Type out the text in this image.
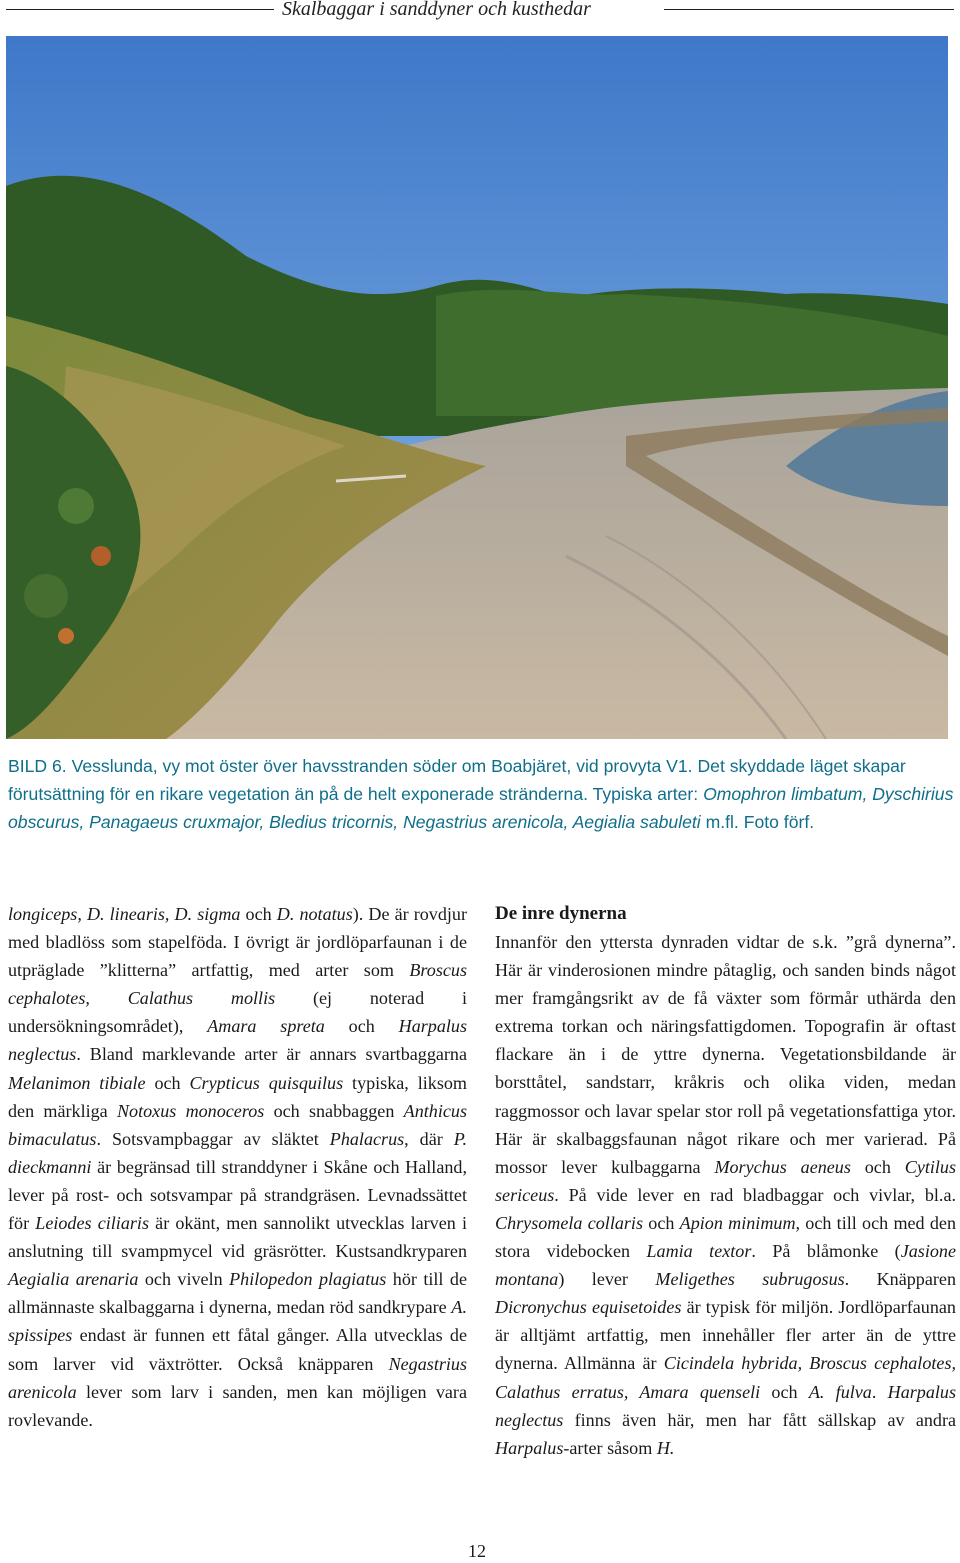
Skalbaggar i sanddyner och kusthedar
BILD 6. Vesslunda, vy mot öster över havsstranden söder om Boabjäret, vid provyta V1. Det skyddade läget skapar förutsättning för en rikare vegetation än på de helt exponerade stränderna. Typiska arter: Omophron limbatum, Dyschirius obscurus, Panagaeus cruxmajor, Bledius tricornis, Negastrius arenicola, Aegialia sabuleti m.fl. Foto förf.

longiceps, D. linearis, D. sigma och D. notatus). De är rovdjur med bladlöss som stapelföda. I övrigt är jordlöparfaunan i de utpräglade ”klitterna” artfattig, med arter som Broscus cephalotes, Calathus mollis (ej noterad i undersökningsområdet), Amara spreta och Harpalus neglectus. Bland marklevande arter är annars svartbaggarna Melanimon tibiale och Crypticus quisquilus typiska, liksom den märkliga Notoxus monoceros och snabbaggen Anthicus bimaculatus. Sotsvampbaggar av släktet Phalacrus, där P. dieckmanni är begränsad till stranddyner i Skåne och Halland, lever på rost- och sotsvampar på strandgräsen. Levnadssättet för Leiodes ciliaris är okänt, men sannolikt utvecklas larven i anslutning till svampmycel vid gräsrötter. Kustsandkryparen Aegialia arenaria och viveln Philopedon plagiatus hör till de allmännaste skalbaggarna i dynerna, medan röd sandkrypare A. spissipes endast är funnen ett fåtal gånger. Alla utvecklas de som larver vid växtrötter. Också knäpparen Negastrius arenicola lever som larv i sanden, men kan möjligen vara rovlevande.

De inre dynerna

Innanför den yttersta dynraden vidtar de s.k. ”grå dynerna”. Här är vinderosionen mindre påtaglig, och sanden binds något mer framgångsrikt av de få växter som förmår uthärda den extrema torkan och näringsfattigdomen. Topografin är oftast flackare än i de yttre dynerna. Vegetationsbildande är borsttåtel, sandstarr, kråkris och olika viden, medan raggmossor och lavar spelar stor roll på vegetationsfattiga ytor. Här är skalbaggsfaunan något rikare och mer varierad. På mossor lever kulbaggarna Morychus aeneus och Cytilus sericeus. På vide lever en rad bladbaggar och vivlar, bl.a. Chrysomela collaris och Apion minimum, och till och med den stora videbocken Lamia textor. På blåmonke (Jasione montana) lever Meligethes subrugosus. Knäpparen Dicronychus equisetoides är typisk för miljön. Jordlöparfaunan är alltjämt artfattig, men innehåller fler arter än de yttre dynerna. Allmänna är Cicindela hybrida, Broscus cephalotes, Calathus erratus, Amara quenseli och A. fulva. Harpalus neglectus finns även här, men har fått sällskap av andra Harpalus-arter såsom H.

12
